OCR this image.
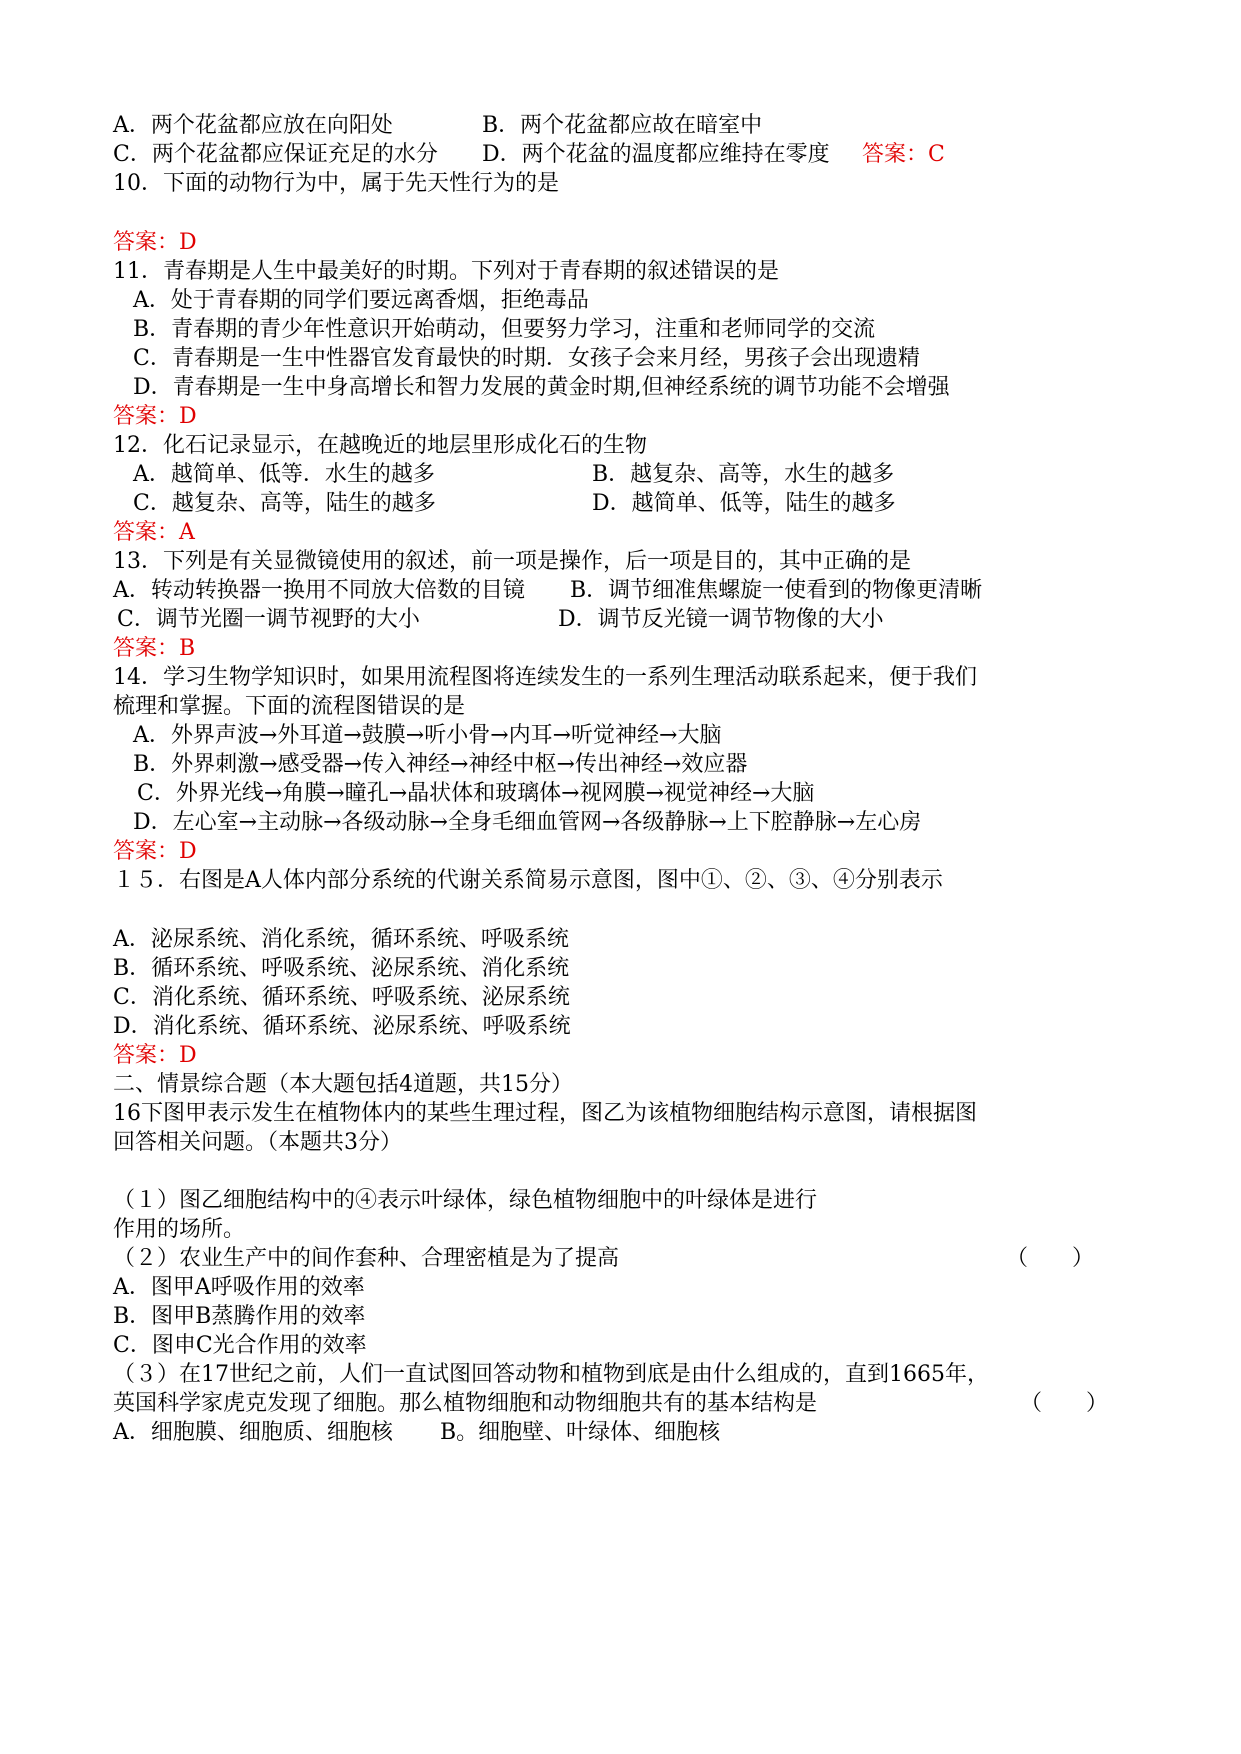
A．两个花盆都应放在向阳处	B．两个花盆都应故在暗室中
C．两个花盆都应保证充足的水分 D．两个花盆的温度都应维持在零度 答案：C
10．下面的动物行为中，属于先天性行为的是
答案：D
11．青春期是人生中最美好的时期。下列对于青春期的叙述错误的是
A．处于青春期的同学们要远离香烟，拒绝毒品
B．青春期的青少年性意识开始萌动，但要努力学习，注重和老师同学的交流
C．青春期是一生中性器官发育最快的时期．女孩子会来月经，男孩子会出现遗精
D．青春期是一生中身高增长和智力发展的黄金时期,但神经系统的调节功能不会增强
答案：D
12．化石记录显示，在越晚近的地层里形成化石的生物
A．越简单、低等．水生的越多	B．越复杂、高等，水生的越多
C．越复杂、高等，陆生的越多	D．越简单、低等，陆生的越多
答案：A
13．下列是有关显微镜使用的叙述，前一项是操作，后一项是目的，其中正确的是
A．转动转换器一换用不同放大倍数的目镜 B．调节细准焦螺旋一使看到的物像更清晰
C．调节光圈一调节视野的大小	D．调节反光镜一调节物像的大小
答案：B
14．学习生物学知识时，如果用流程图将连续发生的一系列生理活动联系起来，便于我们
梳理和掌握。下面的流程图错误的是
A．外界声波→外耳道→鼓膜→听小骨→内耳→听觉神经→大脑
B．外界刺激→感受器→传入神经→神经中枢→传出神经→效应器
C．外界光线→角膜→瞳孔→晶状体和玻璃体→视网膜→视觉神经→大脑
D．左心室→主动脉→各级动脉→全身毛细血管网→各级静脉→上下腔静脉→左心房
答案：D
１５．右图是A人体内部分系统的代谢关系简易示意图，图中①、②、③、④分别表示
A．泌尿系统、消化系统，循环系统、呼吸系统
B．循环系统、呼吸系统、泌尿系统、消化系统
C．消化系统、循环系统、呼吸系统、泌尿系统
D．消化系统、循环系统、泌尿系统、呼吸系统
答案：D
二、情景综合题（本大题包括4道题，共15分）
16下图甲表示发生在植物体内的某些生理过程，图乙为该植物细胞结构示意图，请根据图
回答相关问题。（本题共3分）
（１）图乙细胞结构中的④表示叶绿体，绿色植物细胞中的叶绿体是进行
作用的场所。
（２）农业生产中的间作套种、合理密植是为了提高	（　　）
A．图甲A呼吸作用的效率
B．图甲B蒸腾作用的效率
C．图申C光合作用的效率
（３）在17世纪之前，人们一直试图回答动物和植物到底是由什么组成的，直到1665年，
英国科学家虎克发现了细胞。那么植物细胞和动物细胞共有的基本结构是	（　　）
A．细胞膜、细胞质、细胞核 B。细胞壁、叶绿体、细胞核
